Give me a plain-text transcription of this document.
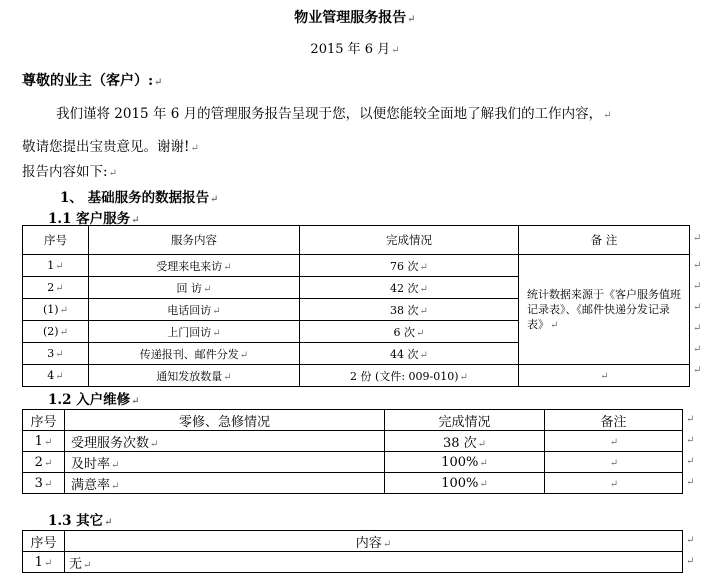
物业管理服务报告↵
2015 年 6 月↵
尊敬的业主（客户）:↵
我们谨将 2015 年 6 月的管理服务报告呈现于您，以便您能较全面地了解我们的工作内容，↵
敬请您提出宝贵意见。谢谢!↵
报告内容如下:↵
1、 基础服务的数据报告↵
1.1 客户服务↵
序号	服务内容	完成情况	备 注
1↵	受理来电来访↵	76 次↵	统计数据来源于《客户服务值班记录表》、《邮件快递分发记录表》↵
2↵	回 访↵	42 次↵	
(1)↵	电话回访↵	38 次↵	
(2)↵	上门回访↵	6 次↵	
3↵	传递报刊、邮件分发↵	44 次↵	
4↵	通知发放数量↵	2 份 (文件: 009-010)↵	↵
1.2 入户维修↵
序号	零修、急修情况	完成情况	备注
1↵	受理服务次数↵	38 次↵	↵
2↵	及时率↵	100%↵	↵
3↵	满意率↵	100%↵	↵
1.3 其它↵
序号	内容↵
1↵	无↵
↵
↵
↵
↵
↵
↵
↵
↵
↵
↵
↵
↵
↵
